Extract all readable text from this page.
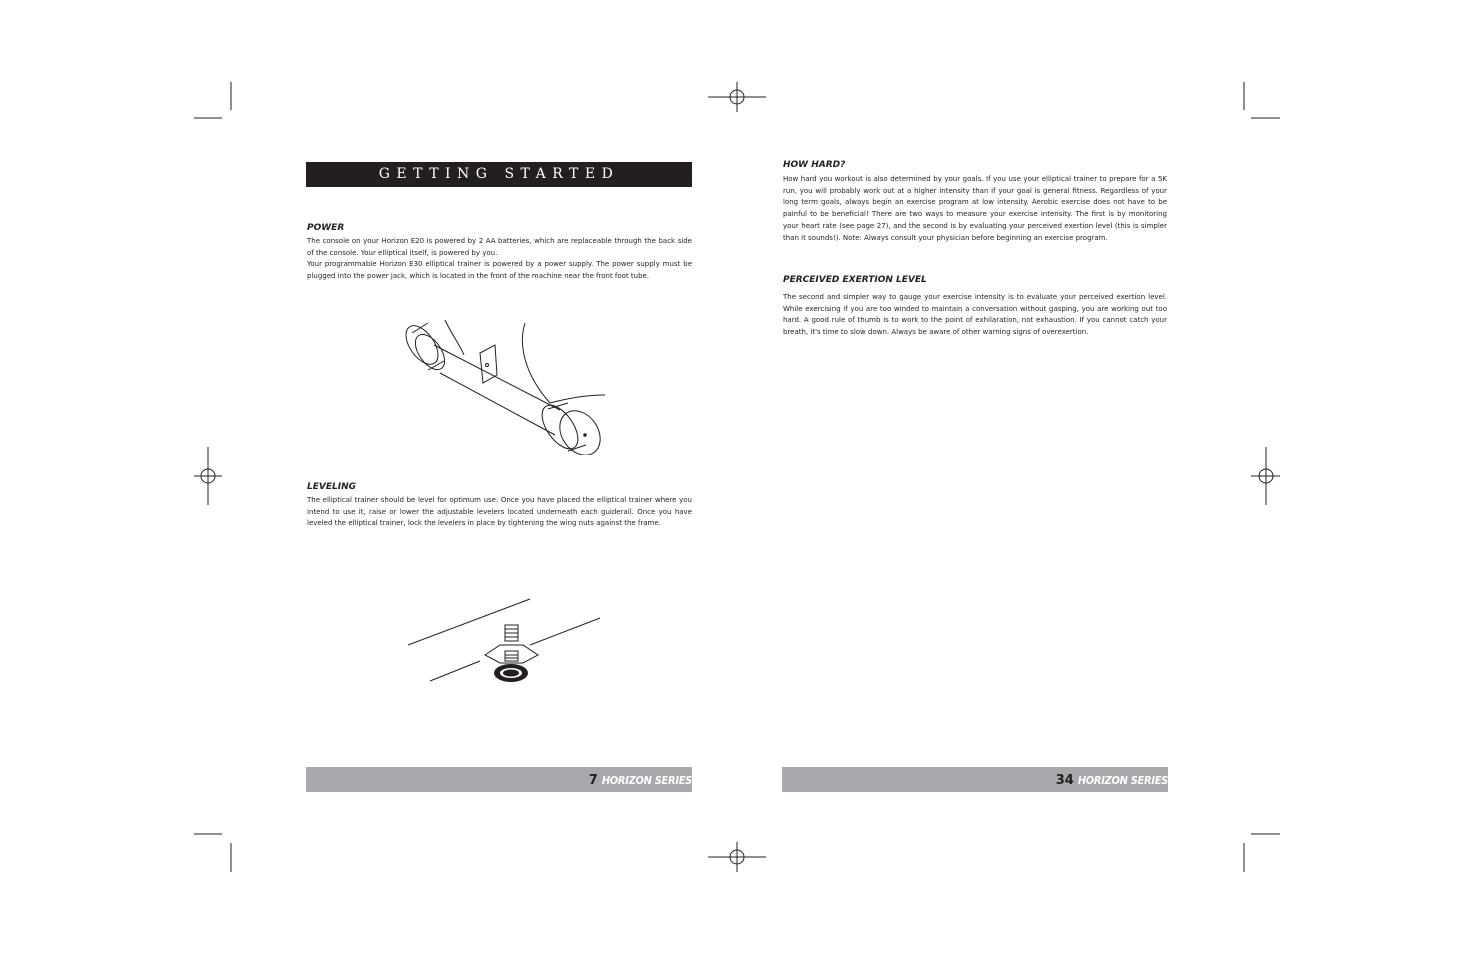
GETTING STARTED
POWER
The console on your Horizon E20 is powered by 2 AA batteries, which are replaceable through the back side of the console. Your elliptical itself, is powered by you.
Your programmable Horizon E30 elliptical trainer is powered by a power supply. The power supply must be plugged into the power jack, which is located in the front of the machine near the front foot tube.
LEVELING

The elliptical trainer should be level for optimum use. Once you have placed the elliptical trainer where you intend to use it, raise or lower the adjustable levelers located underneath each guiderail. Once you have leveled the elliptical trainer, lock the levelers in place by tightening the wing nuts against the frame.

7 HORIZON SERIES
HOW HARD?

How hard you workout is also determined by your goals. If you use your elliptical trainer to prepare for a 5K run, you will probably work out at a higher intensity than if your goal is general fitness. Regardless of your long term goals, always begin an exercise program at low intensity. Aerobic exercise does not have to be painful to be beneficial! There are two ways to measure your exercise intensity. The first is by monitoring your heart rate (see page 27), and the second is by evaluating your perceived exertion level (this is simpler than it sounds!). Note: Always consult your physician before beginning an exercise program.

PERCEIVED EXERTION LEVEL

The second and simpler way to gauge your exercise intensity is to evaluate your perceived exertion level. While exercising if you are too winded to maintain a conversation without gasping, you are working out too hard. A good rule of thumb is to work to the point of exhilaration, not exhaustion. If you cannot catch your breath, it's time to slow down. Always be aware of other warning signs of overexertion.

34 HORIZON SERIES
